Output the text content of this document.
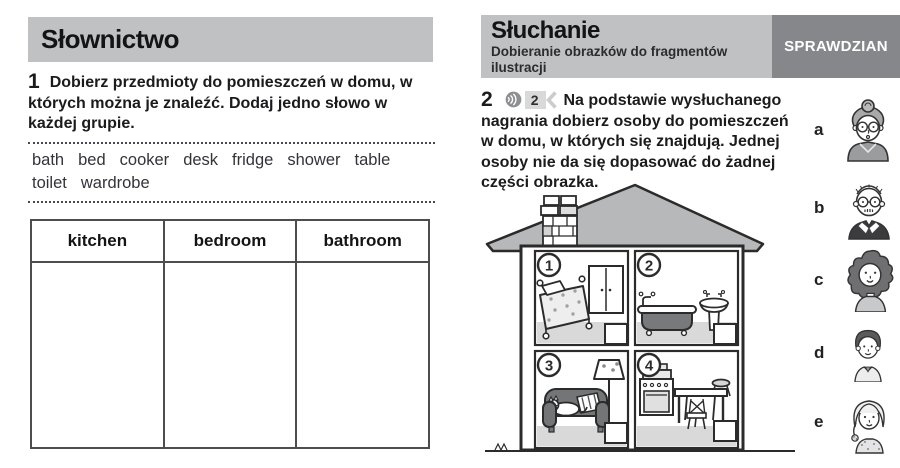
Słownictwo

1 Dobierz przedmioty do pomieszczeń w domu, w których można je znaleźć. Dodaj jedno słowo w każdej grupie.

bath bed cooker desk fridge shower table
toilet wardrobe
kitchen	bedroom	bathroom

Słuchanie
Dobieranie obrazków do fragmentów ilustracji
SPRAWDZIAN

2	2	Na podstawie wysłuchanego nagrania dobierz osoby do pomieszczeń w domu, w których się znajdują. Jednej osoby nie da się dopasować do żadnej części obrazka.

1	2
3	4
a
b
c
d
e
